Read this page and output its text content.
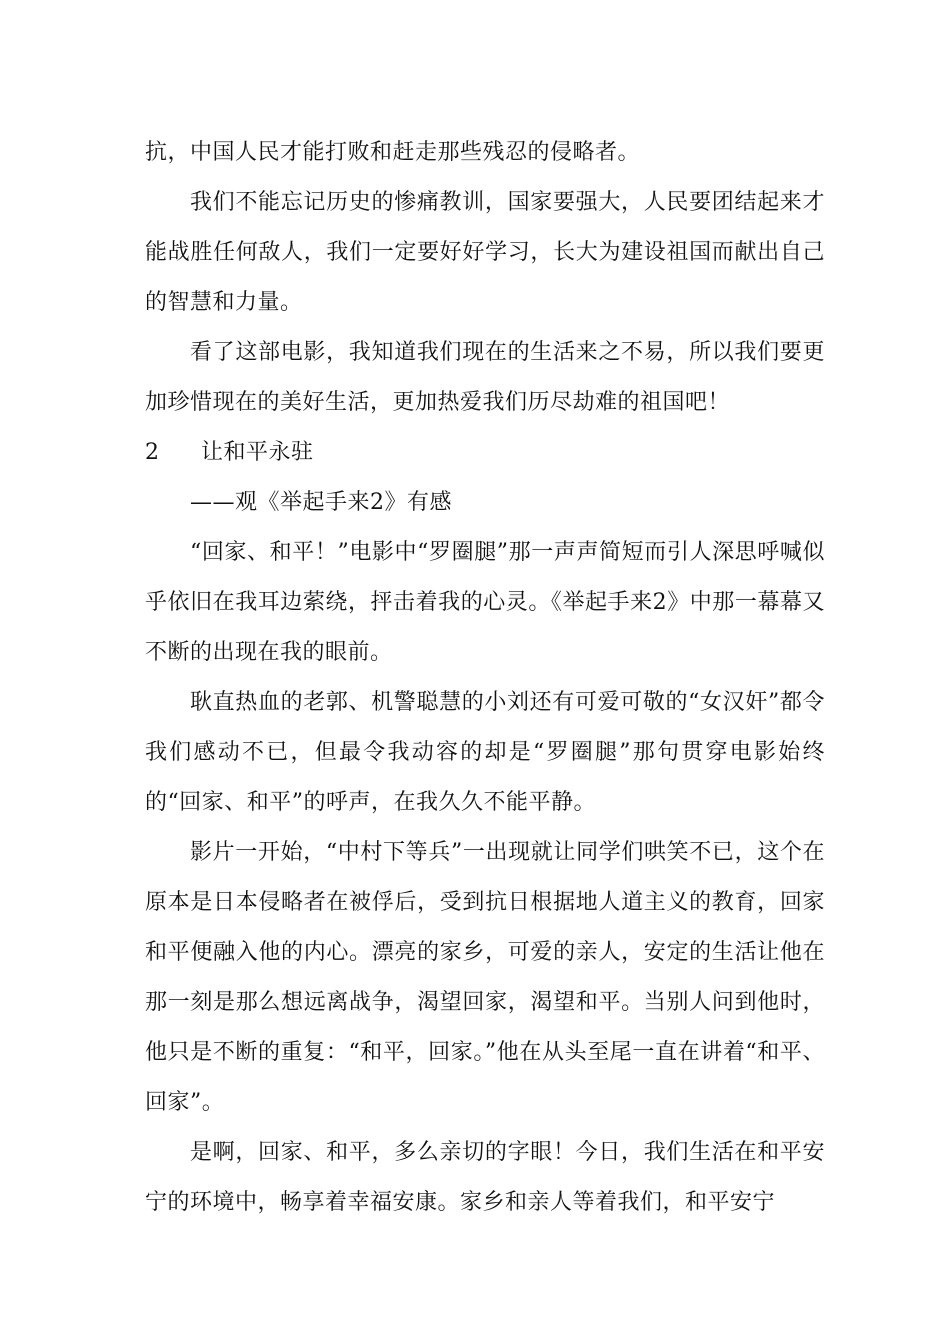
抗，中国人民才能打败和赶走那些残忍的侵略者。

我们不能忘记历史的惨痛教训，国家要强大，人民要团结起来才能战胜任何敌人，我们一定要好好学习，长大为建设祖国而献出自己的智慧和力量。

看了这部电影，我知道我们现在的生活来之不易，所以我们要更加珍惜现在的美好生活，更加热爱我们历尽劫难的祖国吧！

2 让和平永驻

——观《举起手来2》有感

“回家、和平！”电影中“罗圈腿”那一声声简短而引人深思呼喊似乎依旧在我耳边萦绕，抨击着我的心灵。《举起手来2》中那一幕幕又不断的出现在我的眼前。

耿直热血的老郭、机警聪慧的小刘还有可爱可敬的“女汉奸”都令我们感动不已，但最令我动容的却是“罗圈腿”那句贯穿电影始终的“回家、和平”的呼声，在我久久不能平静。

影片一开始，“中村下等兵”一出现就让同学们哄笑不已，这个在原本是日本侵略者在被俘后，受到抗日根据地人道主义的教育，回家和平便融入他的内心。漂亮的家乡，可爱的亲人，安定的生活让他在那一刻是那么想远离战争，渴望回家，渴望和平。当别人问到他时，他只是不断的重复：“和平，回家。”他在从头至尾一直在讲着“和平、回家”。

是啊，回家、和平，多么亲切的字眼！今日，我们生活在和平安宁的环境中，畅享着幸福安康。家乡和亲人等着我们，和平安宁
